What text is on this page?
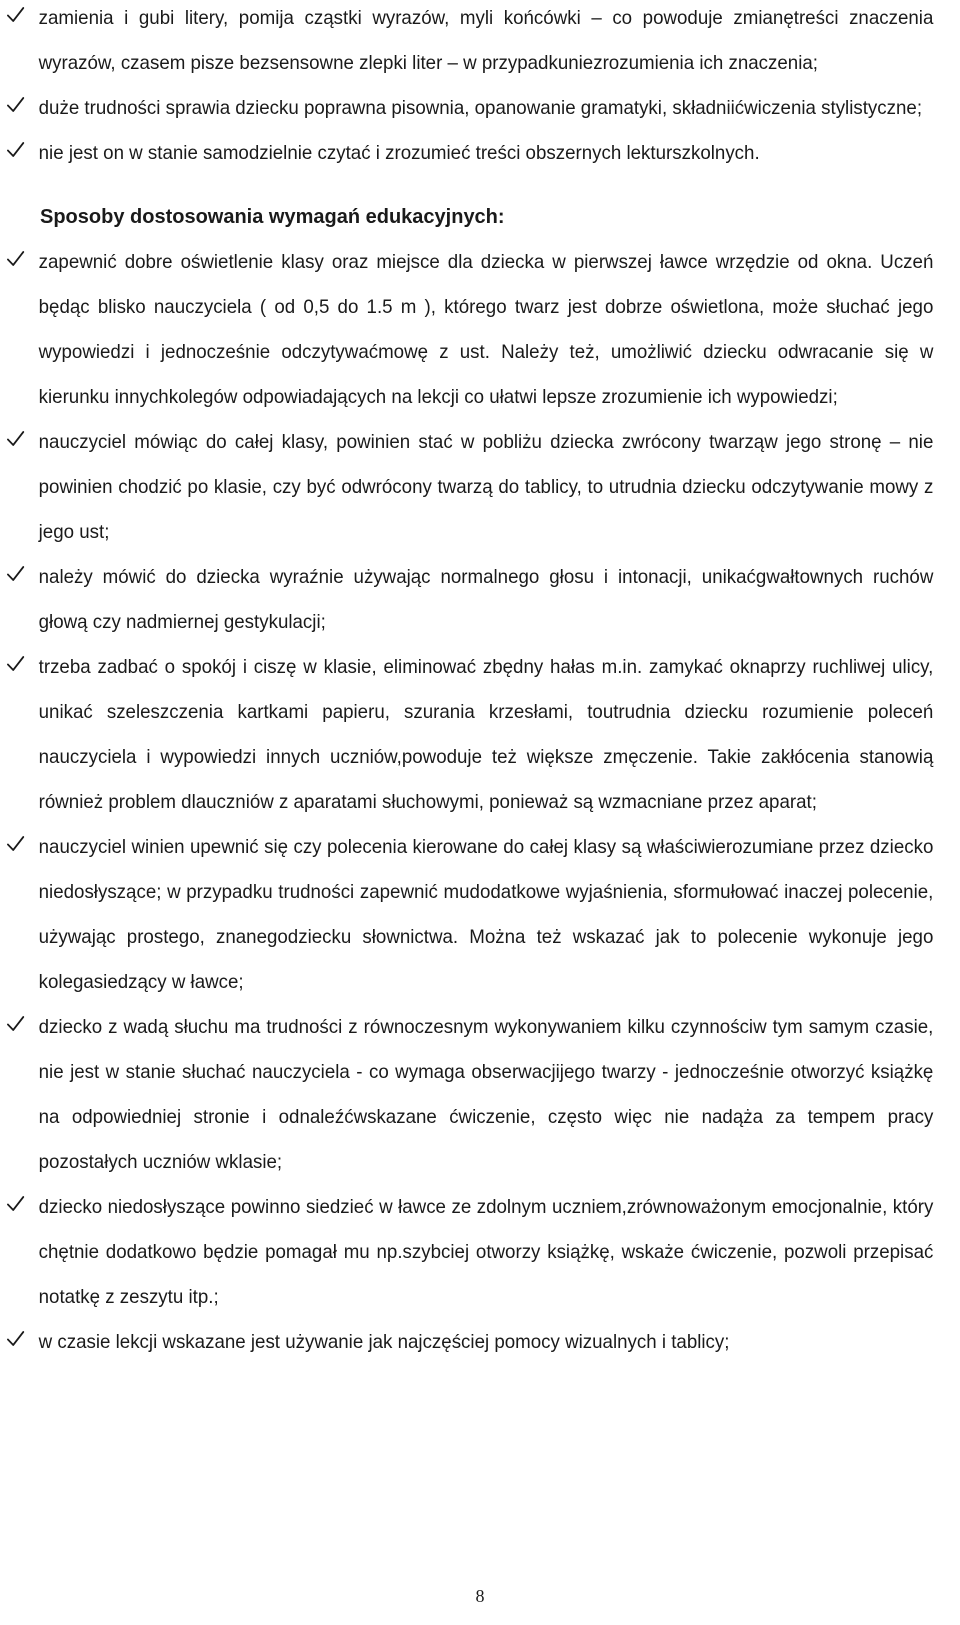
zamienia i gubi litery, pomija cząstki wyrazów, myli końcówki – co powoduje zmianętreści znaczenia wyrazów, czasem pisze bezsensowne zlepki liter – w przypadkuniezrozumienia ich znaczenia;
duże trudności sprawia dziecku poprawna pisownia, opanowanie gramatyki, składniićwiczenia stylistyczne;
nie jest on w stanie samodzielnie czytać i zrozumieć treści obszernych lekturszkolnych.
Sposoby dostosowania wymagań edukacyjnych:
zapewnić dobre oświetlenie klasy oraz miejsce dla dziecka w pierwszej ławce wrzędzie od okna. Uczeń będąc blisko nauczyciela ( od 0,5 do 1.5 m ), którego twarz jest dobrze oświetlona, może słuchać jego wypowiedzi i jednocześnie odczytywaćmowę z ust. Należy też, umożliwić dziecku odwracanie się w kierunku innychkolegów odpowiadających na lekcji co ułatwi lepsze zrozumienie ich wypowiedzi;
nauczyciel mówiąc do całej klasy, powinien stać w pobliżu dziecka zwrócony twarząw jego stronę – nie powinien chodzić po klasie, czy być odwrócony twarzą do tablicy, to utrudnia dziecku odczytywanie mowy z jego ust;
należy mówić do dziecka wyraźnie używając normalnego głosu i intonacji, unikaćgwałtownych ruchów głową czy nadmiernej gestykulacji;
trzeba zadbać o spokój i ciszę w klasie, eliminować zbędny hałas m.in. zamykać oknaprzy ruchliwej ulicy, unikać szeleszczenia kartkami papieru, szurania krzesłami, toutrudnia dziecku rozumienie poleceń nauczyciela i wypowiedzi innych uczniów,powoduje też większe zmęczenie. Takie zakłócenia stanowią również problem dlauczniów z aparatami słuchowymi, ponieważ są wzmacniane przez aparat;
nauczyciel winien upewnić się czy polecenia kierowane do całej klasy są właściwierozumiane przez dziecko niedosłyszące; w przypadku trudności zapewnić mudodatkowe wyjaśnienia, sformułować inaczej polecenie, używając prostego, znanegodziecku słownictwa. Można też wskazać jak to polecenie wykonuje jego kolegasiedzący w ławce;
dziecko z wadą słuchu ma trudności z równoczesnym wykonywaniem kilku czynnościw tym samym czasie, nie jest w stanie słuchać nauczyciela - co wymaga obserwacjijego twarzy - jednocześnie otworzyć książkę na odpowiedniej stronie i odnaleźćwskazane ćwiczenie, często więc nie nadąża za tempem pracy pozostałych uczniów wklasie;
dziecko niedosłyszące powinno siedzieć w ławce ze zdolnym uczniem,zrównoważonym emocjonalnie, który chętnie dodatkowo będzie pomagał mu np.szybciej otworzy książkę, wskaże ćwiczenie, pozwoli przepisać notatkę z zeszytu itp.;
w czasie lekcji wskazane jest używanie jak najczęściej pomocy wizualnych i tablicy;
8
